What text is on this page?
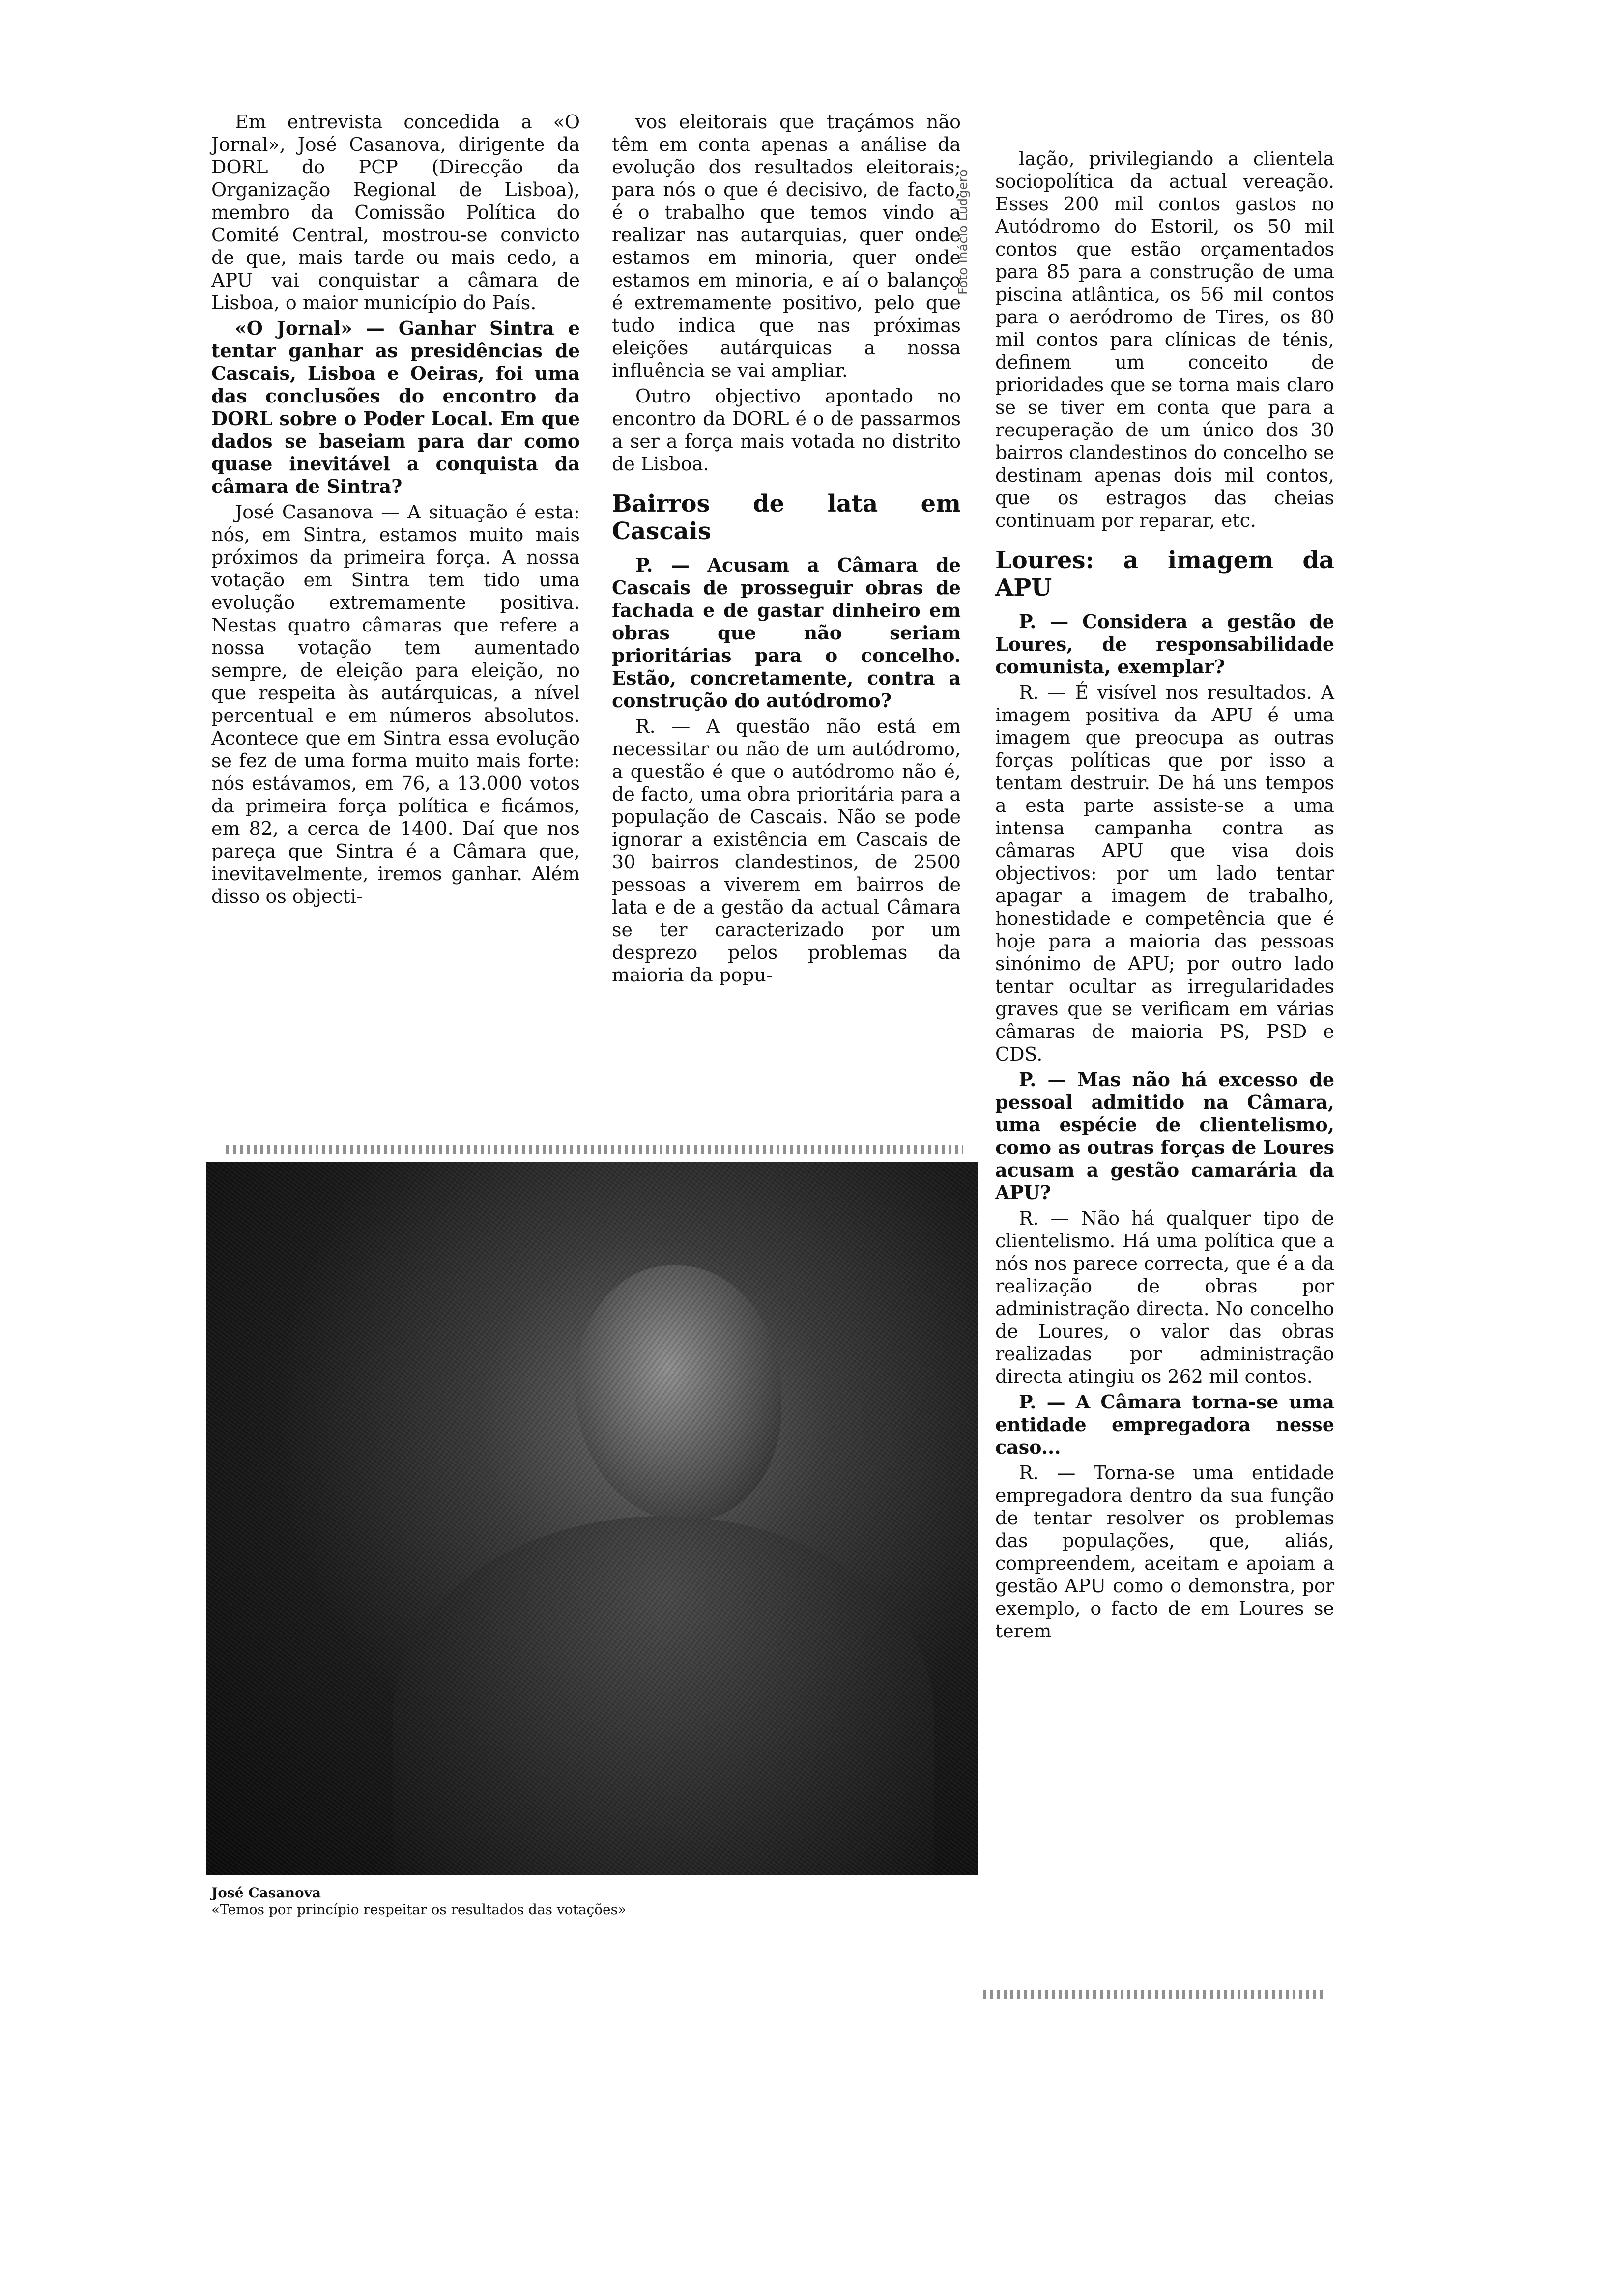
Em entrevista concedida a «O Jornal», José Casanova, dirigente da DORL do PCP (Direcção da Organização Regional de Lisboa), membro da Comissão Política do Comité Central, mostrou-se convicto de que, mais tarde ou mais cedo, a APU vai conquistar a câmara de Lisboa, o maior município do País.

«O Jornal» — Ganhar Sintra e tentar ganhar as presidências de Cascais, Lisboa e Oeiras, foi uma das conclusões do encontro da DORL sobre o Poder Local. Em que dados se baseiam para dar como quase inevitável a conquista da câmara de Sintra?

José Casanova — A situação é esta: nós, em Sintra, estamos muito mais próximos da primeira força. A nossa votação em Sintra tem tido uma evolução extremamente positiva. Nestas quatro câmaras que refere a nossa votação tem aumentado sempre, de eleição para eleição, no que respeita às autárquicas, a nível percentual e em números absolutos. Acontece que em Sintra essa evolução se fez de uma forma muito mais forte: nós estávamos, em 76, a 13.000 votos da primeira força política e ficámos, em 82, a cerca de 1400. Daí que nos pareça que Sintra é a Câmara que, inevitavelmente, iremos ganhar. Além disso os objecti-

vos eleitorais que traçámos não têm em conta apenas a análise da evolução dos resultados eleitorais; para nós o que é decisivo, de facto, é o trabalho que temos vindo a realizar nas autarquias, quer onde estamos em minoria, quer onde estamos em minoria, e aí o balanço é extremamente positivo, pelo que tudo indica que nas próximas eleições autárquicas a nossa influência se vai ampliar.

Outro objectivo apontado no encontro da DORL é o de passarmos a ser a força mais votada no distrito de Lisboa.

Bairros de lata em Cascais

P. — Acusam a Câmara de Cascais de prosseguir obras de fachada e de gastar dinheiro em obras que não seriam prioritárias para o concelho. Estão, concretamente, contra a construção do autódromo?

R. — A questão não está em necessitar ou não de um autódromo, a questão é que o autódromo não é, de facto, uma obra prioritária para a população de Cascais. Não se pode ignorar a existência em Cascais de 30 bairros clandestinos, de 2500 pessoas a viverem em bairros de lata e de a gestão da actual Câmara se ter caracterizado por um desprezo pelos problemas da maioria da popu-

Foto Inácio Ludgero

lação, privilegiando a clientela sociopolítica da actual vereação. Esses 200 mil contos gastos no Autódromo do Estoril, os 50 mil contos que estão orçamentados para 85 para a construção de uma piscina atlântica, os 56 mil contos para o aeródromo de Tires, os 80 mil contos para clínicas de ténis, definem um conceito de prioridades que se torna mais claro se se tiver em conta que para a recuperação de um único dos 30 bairros clandestinos do concelho se destinam apenas dois mil contos, que os estragos das cheias continuam por reparar, etc.

Loures: a imagem da APU

P. — Considera a gestão de Loures, de responsabilidade comunista, exemplar?

R. — É visível nos resultados. A imagem positiva da APU é uma imagem que preocupa as outras forças políticas que por isso a tentam destruir. De há uns tempos a esta parte assiste-se a uma intensa campanha contra as câmaras APU que visa dois objectivos: por um lado tentar apagar a imagem de trabalho, honestidade e competência que é hoje para a maioria das pessoas sinónimo de APU; por outro lado tentar ocultar as irregularidades graves que se verificam em várias câmaras de maioria PS, PSD e CDS.

P. — Mas não há excesso de pessoal admitido na Câmara, uma espécie de clientelismo, como as outras forças de Loures acusam a gestão camarária da APU?

R. — Não há qualquer tipo de clientelismo. Há uma política que a nós nos parece correcta, que é a da realização de obras por administração directa. No concelho de Loures, o valor das obras realizadas por administração directa atingiu os 262 mil contos.

P. — A Câmara torna-se uma entidade empregadora nesse caso...

R. — Torna-se uma entidade empregadora dentro da sua função de tentar resolver os problemas das populações, que, aliás, compreendem, aceitam e apoiam a gestão APU como o demonstra, por exemplo, o facto de em Loures se terem

José Casanova
«Temos por princípio respeitar os resultados das votações»
